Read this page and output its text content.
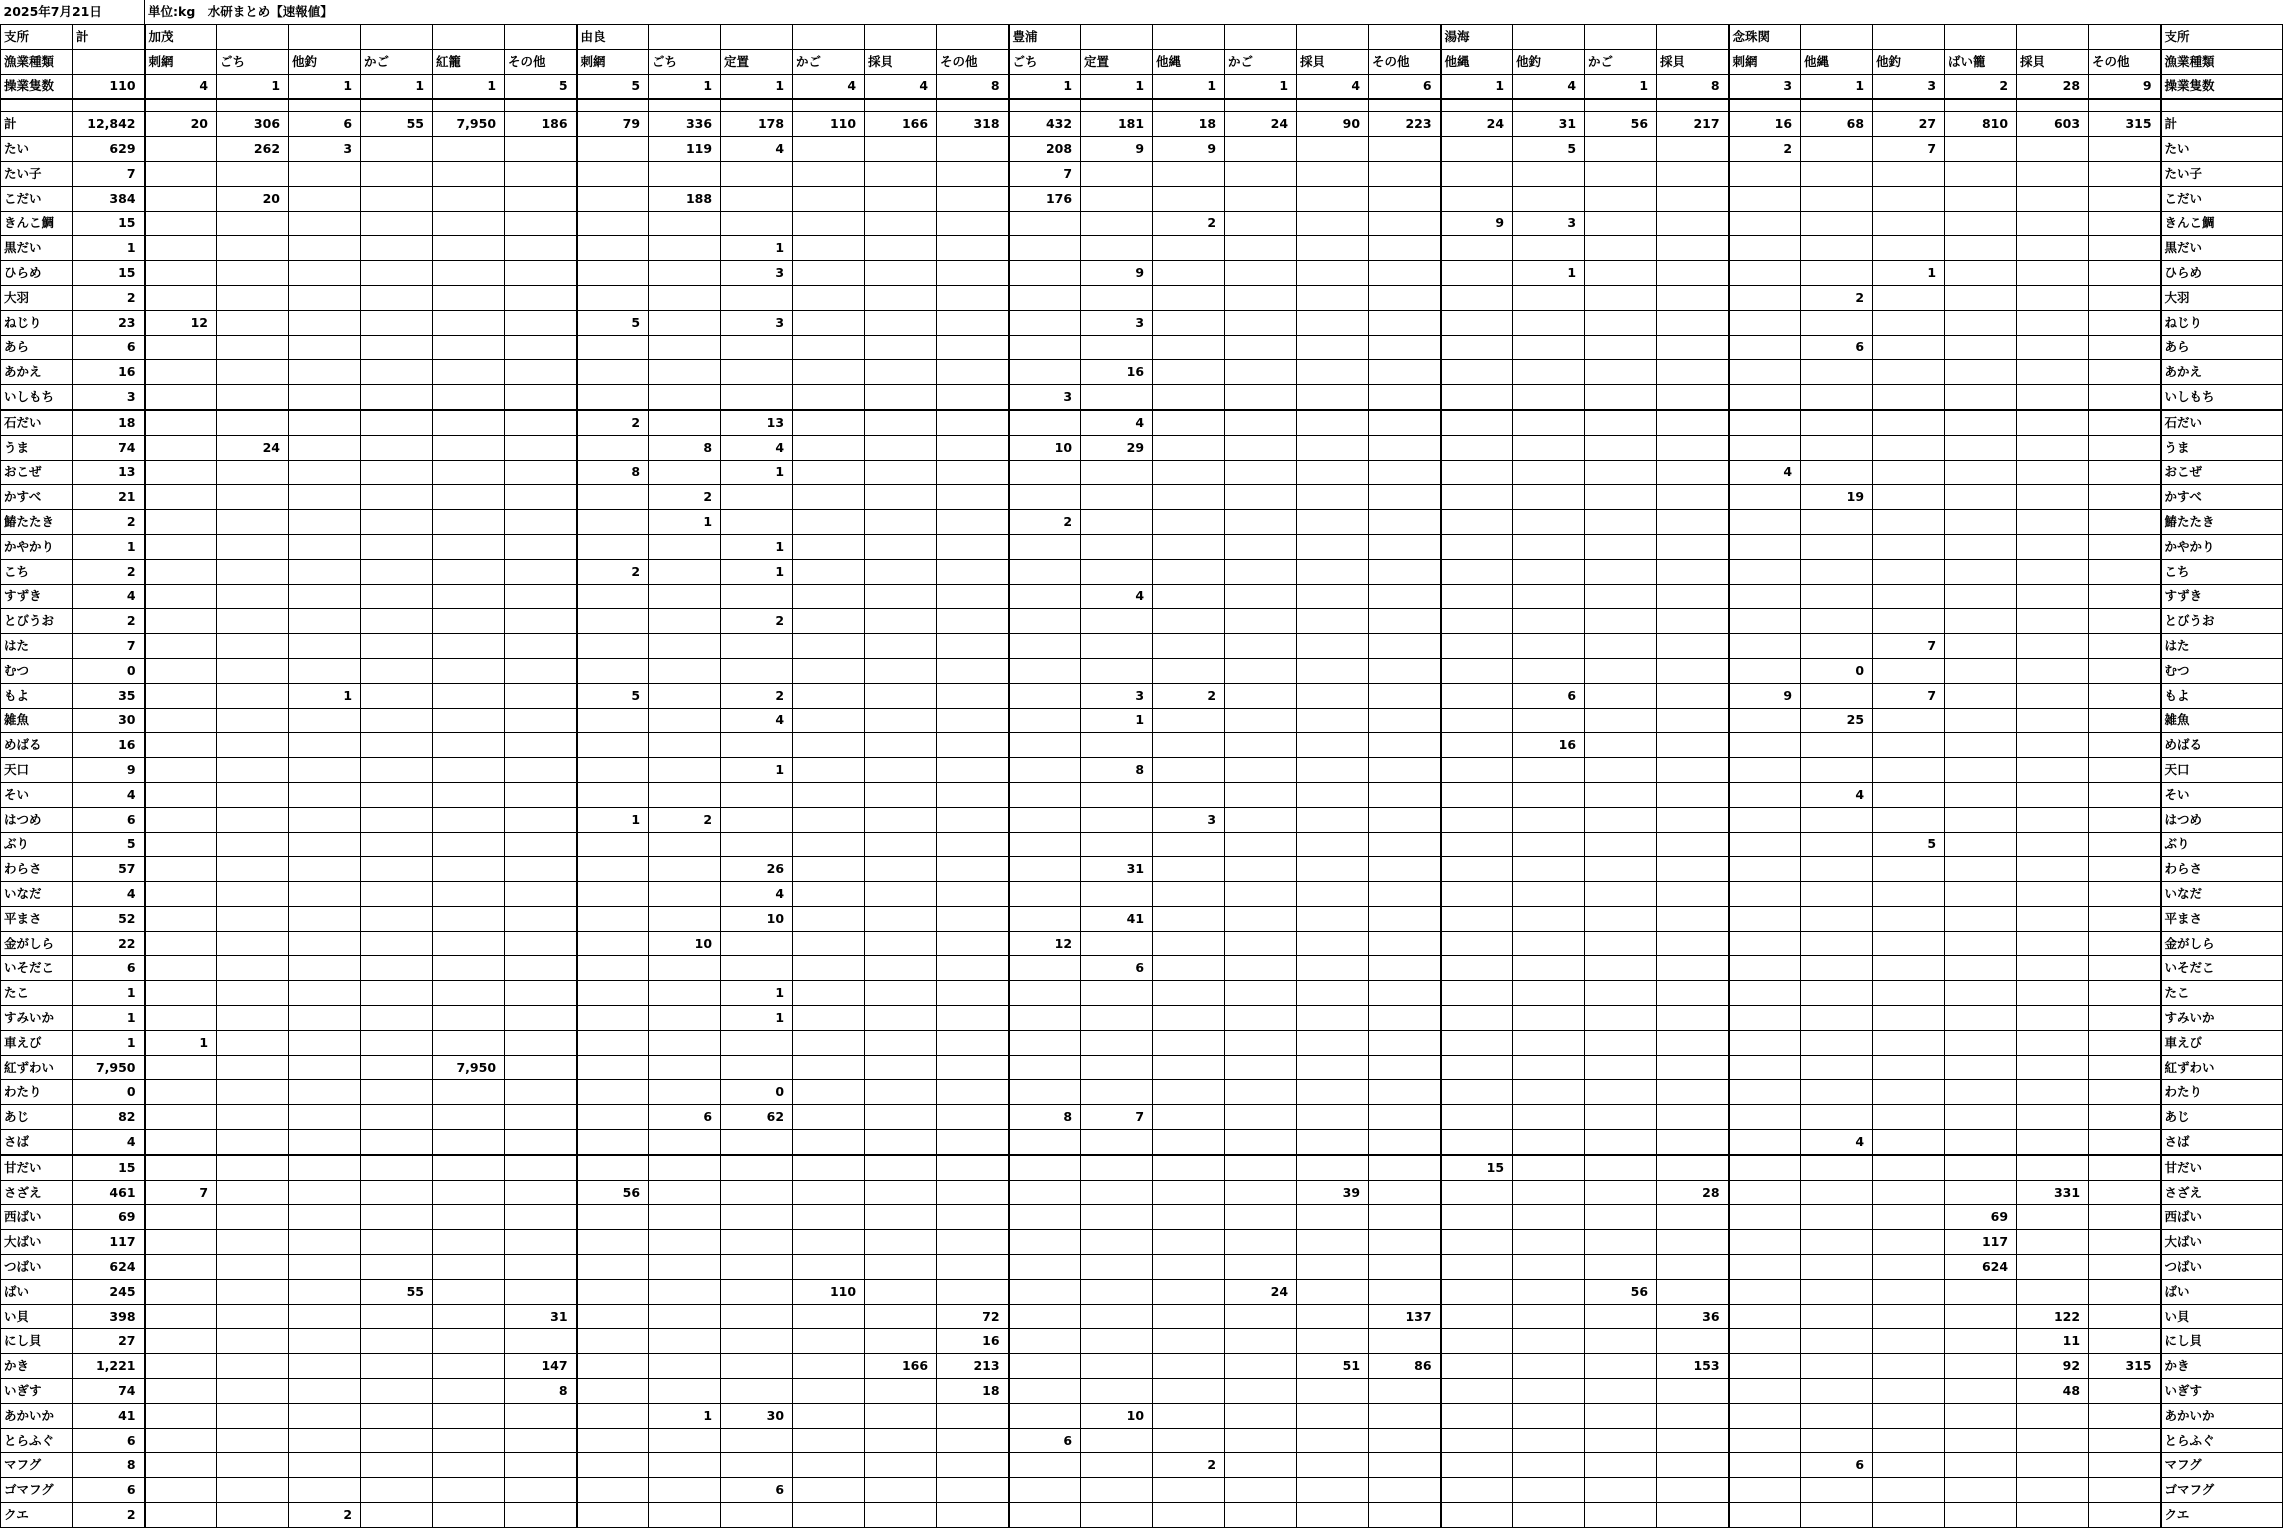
2025年7月21日		単位:kg　水研まとめ【速報値】																												
支所	計	加茂						由良						豊浦						湯海				念珠関						支所
漁業種類		刺網	ごち	他釣	かご	紅籠	その他	刺網	ごち	定置	かご	採貝	その他	ごち	定置	他縄	かご	採貝	その他	他縄	他釣	かご	採貝	刺網	他縄	他釣	ばい籠	採貝	その他	漁業種類
操業隻数	110	4	1	1	1	1	5	5	1	1	4	4	8	1	1	1	1	4	6	1	4	1	8	3	1	3	2	28	9	操業隻数

計	12,842	20	306	6	55	7,950	186	79	336	178	110	166	318	432	181	18	24	90	223	24	31	56	217	16	68	27	810	603	315	計
たい	629		262	3					119	4				208	9	9					5			2		7				たい
たい子	7													7																たい子
こだい	384		20						188					176																こだい
きんこ鯛	15															2				9	3									きんこ鯛
黒だい	1									1																				黒だい
ひらめ	15									3					9						1					1				ひらめ
大羽	2																								2					大羽
ねじり	23	12						5		3					3															ねじり
あら	6																								6					あら
あかえ	16														16															あかえ
いしもち	3													3																いしもち
石だい	18							2		13					4															石だい
うま	74		24						8	4				10	29															うま
おこぜ	13							8		1														4						おこぜ
かすべ	21								2																19					かすべ
鰆たたき	2								1					2																鰆たたき
かやかり	1									1																				かやかり
こち	2							2		1																				こち
すずき	4														4															すずき
とびうお	2									2																				とびうお
はた	7																									7				はた
むつ	0																								0					むつ
もよ	35			1				5		2					3	2					6			9		7				もよ
雑魚	30									4					1										25					雑魚
めばる	16																				16									めばる
天口	9									1					8															天口
そい	4																								4					そい
はつめ	6							1	2							3														はつめ
ぶり	5																									5				ぶり
わらさ	57									26					31															わらさ
いなだ	4									4																				いなだ
平まさ	52									10					41															平まさ
金がしら	22								10					12																金がしら
いそだこ	6														6															いそだこ
たこ	1									1																				たこ
すみいか	1									1																				すみいか
車えび	1	1																												車えび
紅ずわい	7,950					7,950																								紅ずわい
わたり	0									0																				わたり
あじ	82								6	62				8	7															あじ
さば	4																								4					さば
甘だい	15																			15										甘だい
さざえ	461	7						56										39					28					331		さざえ
西ばい	69																										69			西ばい
大ばい	117																										117			大ばい
つばい	624																										624			つばい
ばい	245				55						110						24					56								ばい
い貝	398						31						72						137				36					122		い貝
にし貝	27												16															11		にし貝
かき	1,221						147					166	213					51	86				153					92	315	かき
いぎす	74						8						18															48		いぎす
あかいか	41								1	30					10															あかいか
とらふぐ	6													6																とらふぐ
マフグ	8															2									6					マフグ
ゴマフグ	6									6																				ゴマフグ
クエ	2			2																										クエ
